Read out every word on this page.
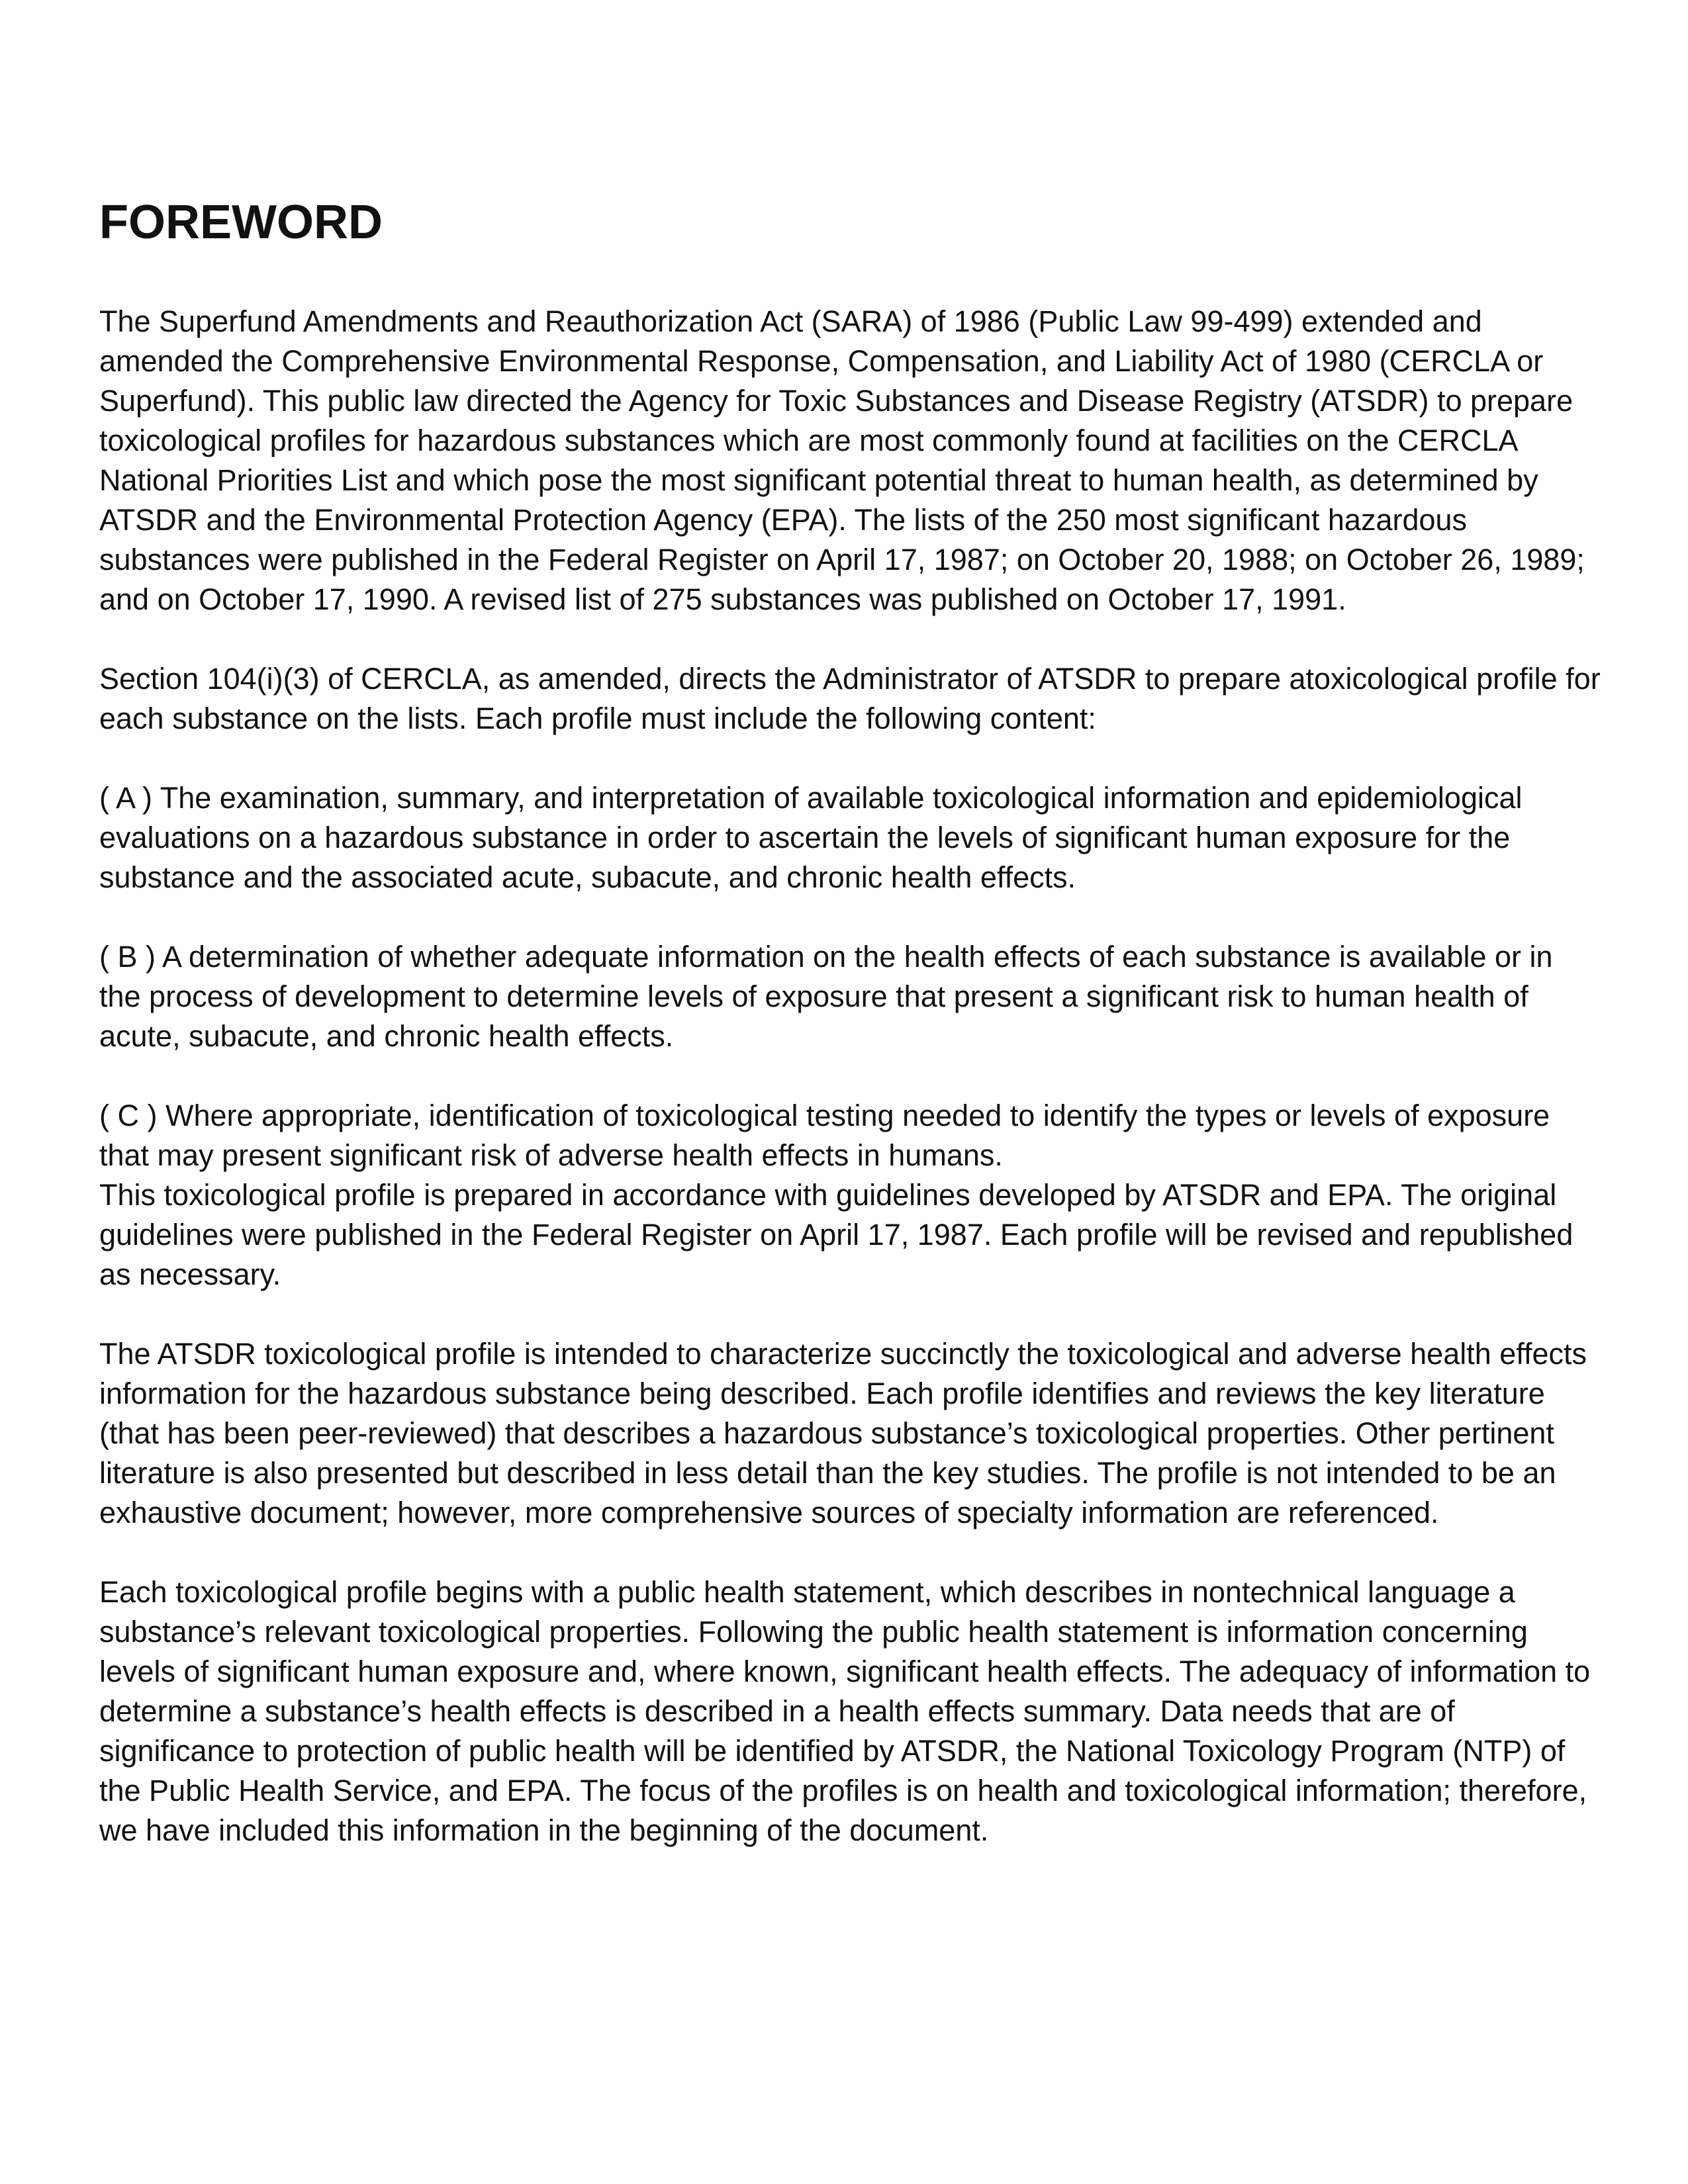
FOREWORD

The Superfund Amendments and Reauthorization Act (SARA) of 1986 (Public Law 99-499) extended and amended the Comprehensive Environmental Response, Compensation, and Liability Act of 1980 (CERCLA or Superfund). This public law directed the Agency for Toxic Substances and Disease Registry (ATSDR) to prepare toxicological profiles for hazardous substances which are most commonly found at facilities on the CERCLA National Priorities List and which pose the most significant potential threat to human health, as determined by ATSDR and the Environmental Protection Agency (EPA). The lists of the 250 most significant hazardous substances were published in the Federal Register on April 17, 1987; on October 20, 1988; on October 26, 1989; and on October 17, 1990. A revised list of 275 substances was published on October 17, 1991.

Section 104(i)(3) of CERCLA, as amended, directs the Administrator of ATSDR to prepare atoxicological profile for each substance on the lists. Each profile must include the following content:

( A ) The examination, summary, and interpretation of available toxicological information and epidemiological evaluations on a hazardous substance in order to ascertain the levels of significant human exposure for the substance and the associated acute, subacute, and chronic health effects.

( B ) A determination of whether adequate information on the health effects of each substance is available or in the process of development to determine levels of exposure that present a significant risk to human health of acute, subacute, and chronic health effects.

( C ) Where appropriate, identification of toxicological testing needed to identify the types or levels of exposure that may present significant risk of adverse health effects in humans.

This toxicological profile is prepared in accordance with guidelines developed by ATSDR and EPA. The original guidelines were published in the Federal Register on April 17, 1987. Each profile will be revised and republished as necessary.

The ATSDR toxicological profile is intended to characterize succinctly the toxicological and adverse health effects information for the hazardous substance being described. Each profile identifies and reviews the key literature (that has been peer-reviewed) that describes a hazardous substance’s toxicological properties. Other pertinent literature is also presented but described in less detail than the key studies. The profile is not intended to be an exhaustive document; however, more comprehensive sources of specialty information are referenced.

Each toxicological profile begins with a public health statement, which describes in nontechnical language a substance’s relevant toxicological properties. Following the public health statement is information concerning levels of significant human exposure and, where known, significant health effects. The adequacy of information to determine a substance’s health effects is described in a health effects summary. Data needs that are of significance to protection of public health will be identified by ATSDR, the National Toxicology Program (NTP) of the Public Health Service, and EPA. The focus of the profiles is on health and toxicological information; therefore, we have included this information in the beginning of the document.
